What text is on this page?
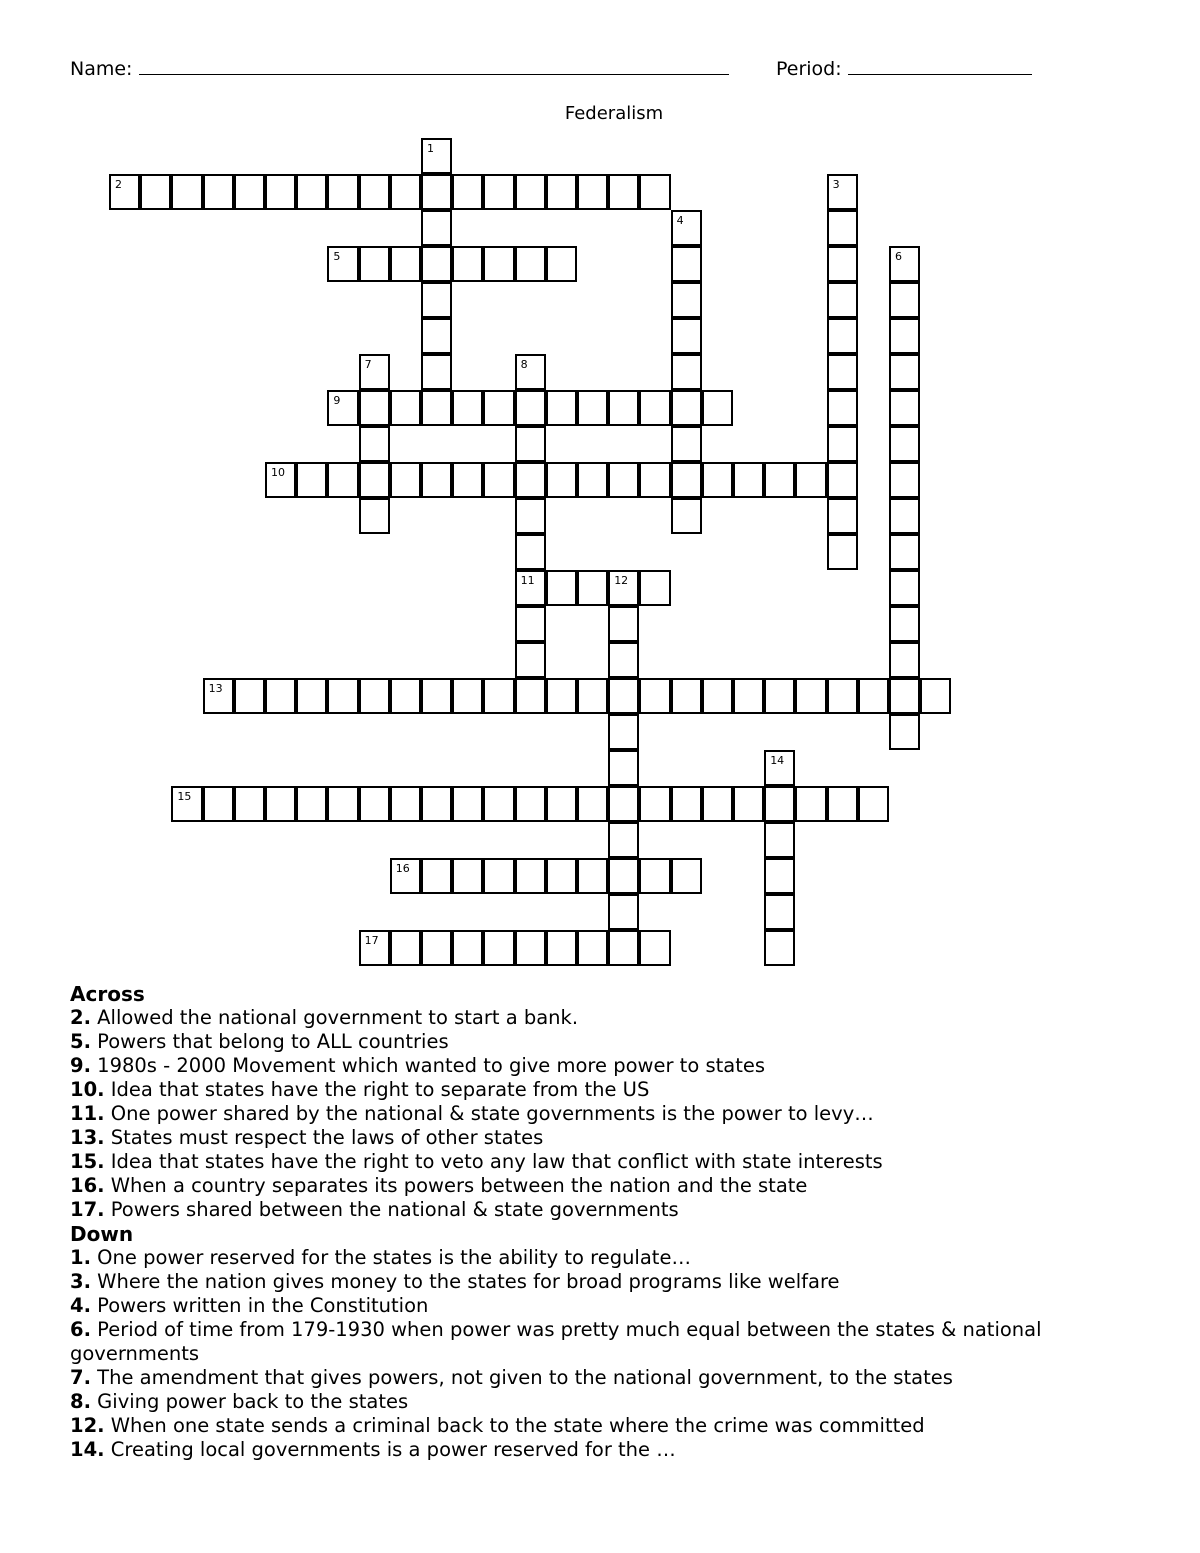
Name:	Period:
Federalism
1
2	3
4
5	6
7	8
11
9
10
12
13
14
15
16
17
Across
2. Allowed the national government to start a bank.
5. Powers that belong to ALL countries
9. 1980s - 2000 Movement which wanted to give more power to states
10. Idea that states have the right to separate from the US
11. One power shared by the national & state governments is the power to levy…
13. States must respect the laws of other states
15. Idea that states have the right to veto any law that conflict with state interests
16. When a country separates its powers between the nation and the state
17. Powers shared between the national & state governments
Down
1. One power reserved for the states is the ability to regulate…
3. Where the nation gives money to the states for broad programs like welfare
4. Powers written in the Constitution
6. Period of time from 179-1930 when power was pretty much equal between the states & national governments
7. The amendment that gives powers, not given to the national government, to the states
8. Giving power back to the states
12. When one state sends a criminal back to the state where the crime was committed
14. Creating local governments is a power reserved for the …
